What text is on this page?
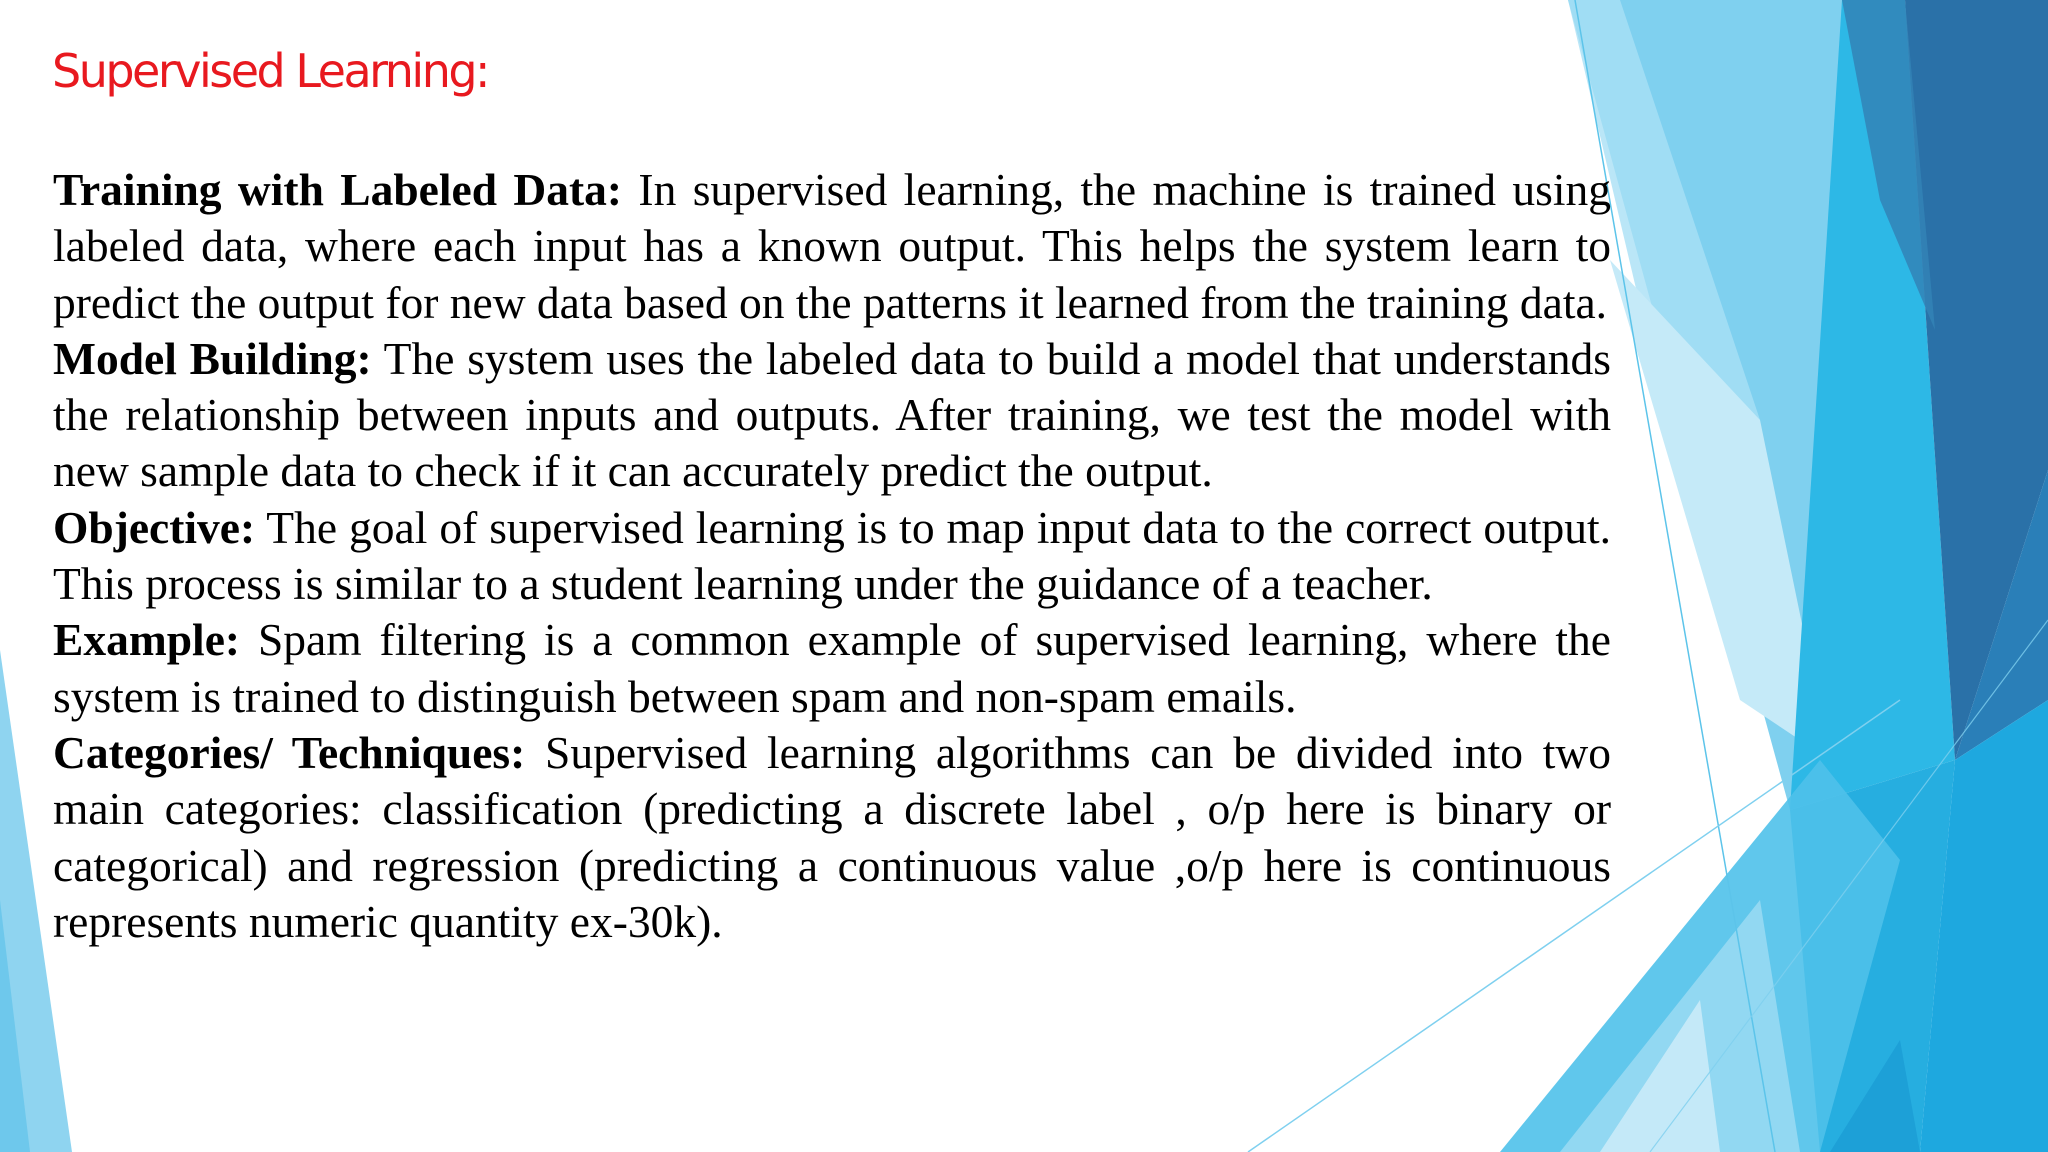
Supervised Learning:

Training with Labeled Data: In supervised learning, the machine is trained using labeled data, where each input has a known output. This helps the system learn to predict the output for new data based on the patterns it learned from the training data.

Model Building: The system uses the labeled data to build a model that understands the relationship between inputs and outputs. After training, we test the model with new sample data to check if it can accurately predict the output.

Objective: The goal of supervised learning is to map input data to the correct output. This process is similar to a student learning under the guidance of a teacher.

Example: Spam filtering is a common example of supervised learning, where the system is trained to distinguish between spam and non-spam emails.

Categories/ Techniques: Supervised learning algorithms can be divided into two main categories: classification (predicting a discrete label , o/p here is binary or categorical) and regression (predicting a continuous value ,o/p here is continuous represents numeric quantity ex-30k).
